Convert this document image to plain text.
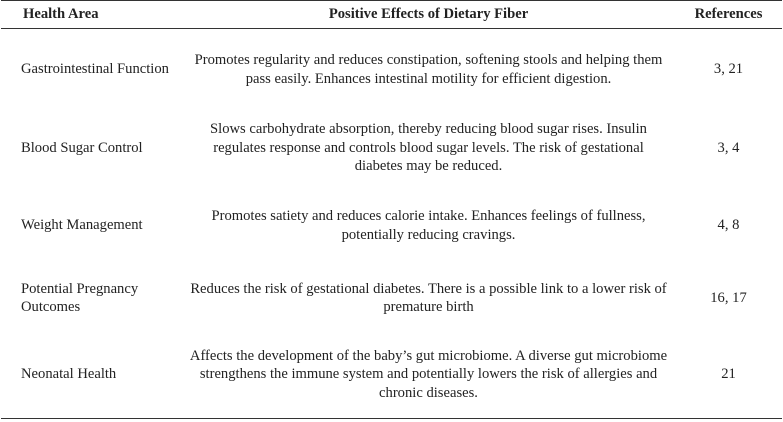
Health Area	Positive Effects of Dietary Fiber	References
Gastrointestinal Function	Promotes regularity and reduces constipation, softening stools and helping them pass easily. Enhances intestinal motility for efficient digestion.	3, 21
Blood Sugar Control	Slows carbohydrate absorption, thereby reducing blood sugar rises. Insulin regulates response and controls blood sugar levels. The risk of gestational diabetes may be reduced.	3, 4
Weight Management	Promotes satiety and reduces calorie intake. Enhances feelings of fullness, potentially reducing cravings.	4, 8
Potential Pregnancy Outcomes	Reduces the risk of gestational diabetes. There is a possible link to a lower risk of premature birth	16, 17
Neonatal Health	Affects the development of the baby’s gut microbiome. A diverse gut microbiome strengthens the immune system and potentially lowers the risk of allergies and chronic diseases.	21
